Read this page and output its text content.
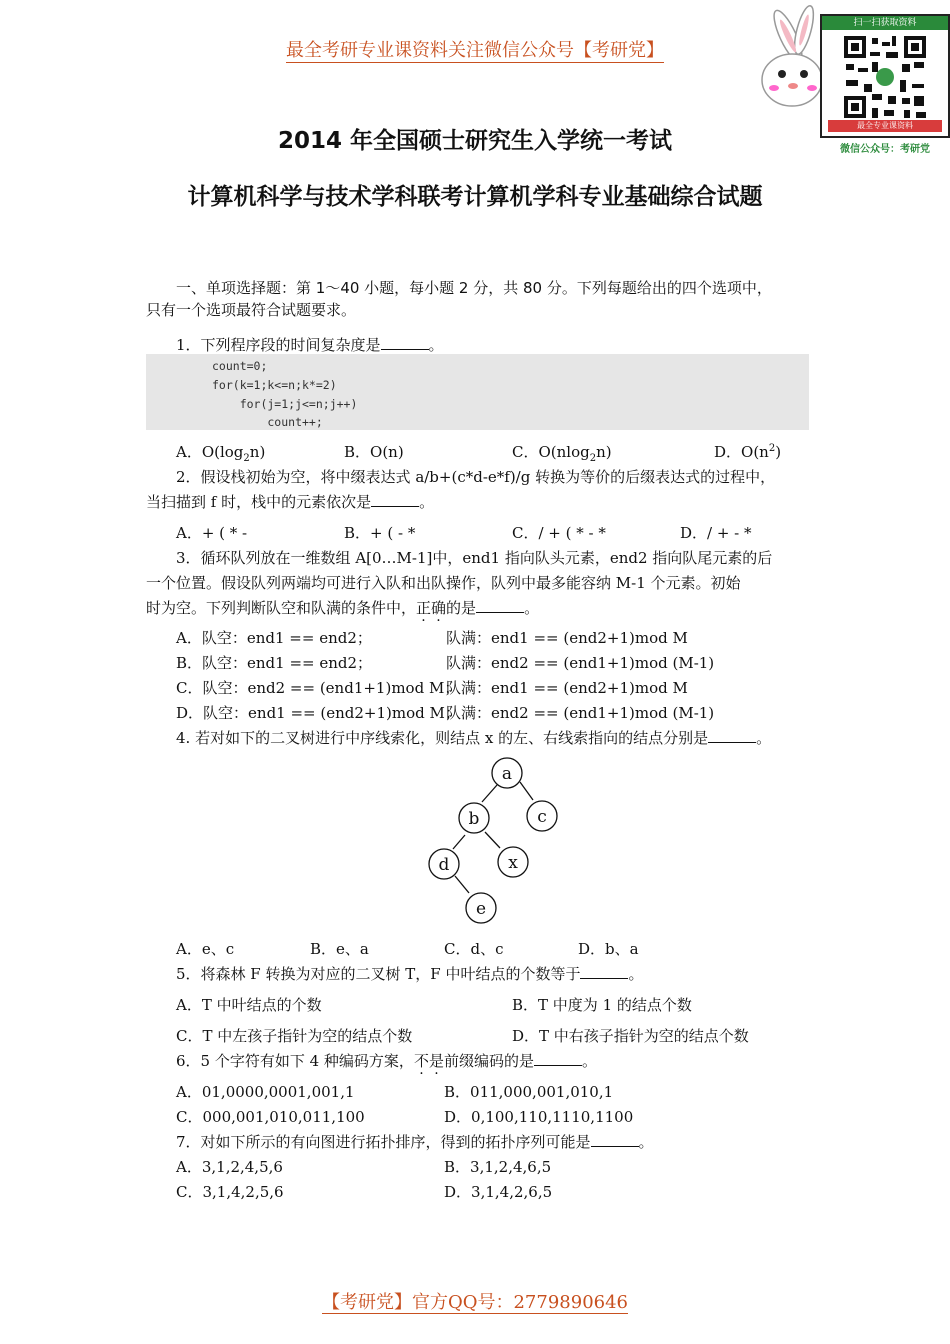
最全考研专业课资料关注微信公众号【考研党】
扫一扫获取资料
最全专业课资料
微信公众号：考研党
2014 年全国硕士研究生入学统一考试
计算机科学与技术学科联考计算机学科专业基础综合试题
一、单项选择题：第 1～40 小题，每小题 2 分，共 80 分。下列每题给出的四个选项中，
只有一个选项最符合试题要求。
1．下列程序段的时间复杂度是	。
count=0;
for(k=1;k<=n;k*=2)
for(j=1;j<=n;j++)
count++;
A．$O(\log_2n)$	B．O(n)	C．O(nlog$_2$n)	D．$O(n^2)$
2．假设栈初始为空，将中缀表达式 a/b+(c*d-e*f)/g 转换为等价的后缀表达式的过程中，
当扫描到 f 时，栈中的元素依次是	。
A．+ ( * -	B．+ ( - *	C．/ + ( * - *	D．/ + - *
3．循环队列放在一维数组 A[0…M-1]中，end1 指向队头元素，end2 指向队尾元素的后
一个位置。假设队列两端均可进行入队和出队操作，队列中最多能容纳 M-1 个元素。初始
时为空。下列判断队空和队满的条件中，正确的是	。
A．队空：end1 == end2；	队满：end1 == (end2+1)mod M
B．队空：end1 == end2；	队满：end2 == (end1+1)mod (M-1)
C．队空：end2 == (end1+1)mod M；
队满：end1 == (end2+1)mod M
D．队空：end1 == (end2+1)mod M；
队满：end2 == (end1+1)mod (M-1)
4. 若对如下的二叉树进行中序线索化，则结点 x 的左、右线索指向的结点分别是	。
a
c
b
x
d
e
A．e、c	B．e、a	C．d、c	D．b、a
5．将森林 F 转换为对应的二叉树 T，F 中叶结点的个数等于	。
A．T 中叶结点的个数	B．T 中度为 1 的结点个数
C．T 中左孩子指针为空的结点个数	D．T 中右孩子指针为空的结点个数
6．5 个字符有如下 4 种编码方案，不是前缀编码的是	。
A．01,0000,0001,001,1	B．011,000,001,010,1
C．000,001,010,011,100	D．0,100,110,1110,1100
7．对如下所示的有向图进行拓扑排序，得到的拓扑序列可能是	。
A．3,1,2,4,5,6	B．3,1,2,4,6,5
C．3,1,4,2,5,6	D．3,1,4,2,6,5
【考研党】官方QQ号：2779890646
